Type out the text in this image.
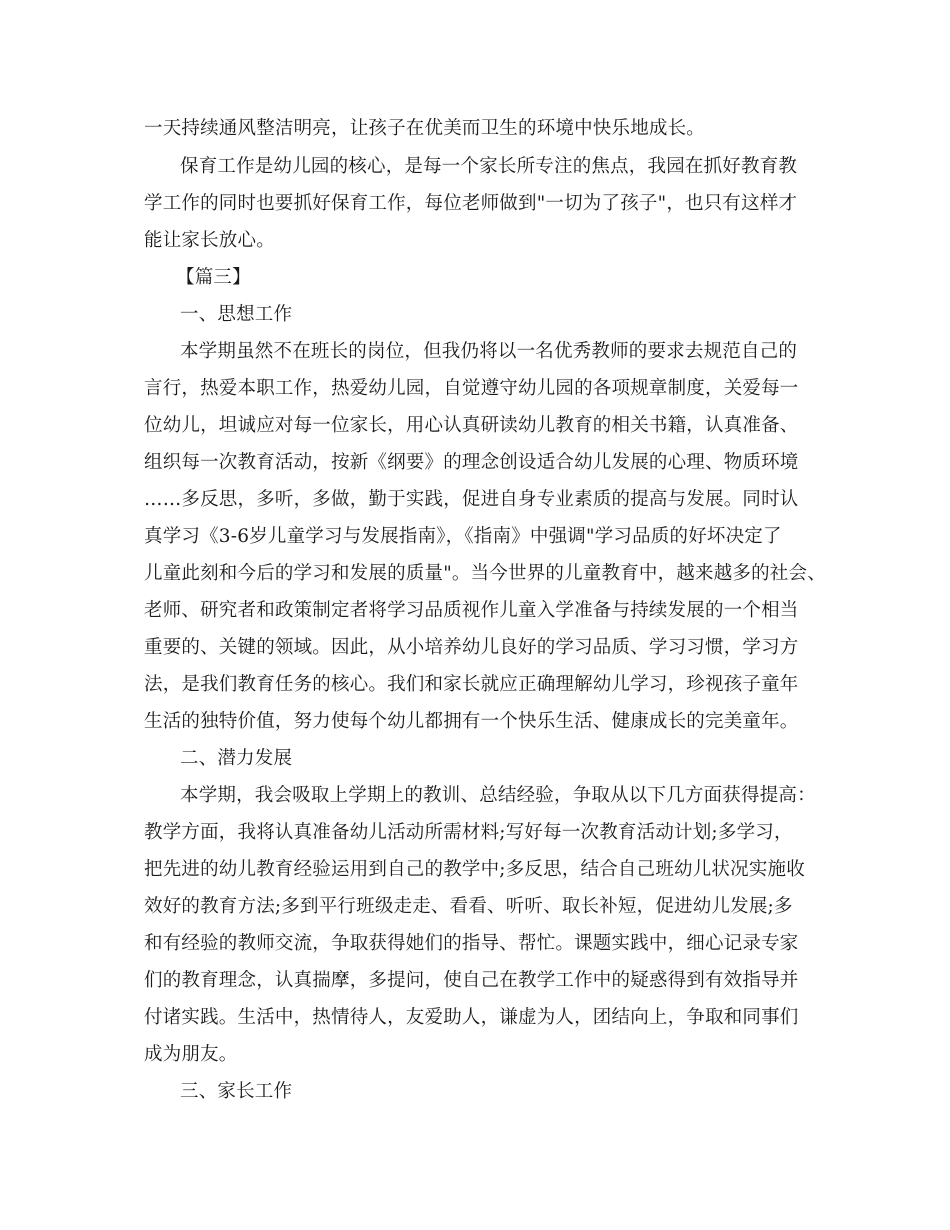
一天持续通风整洁明亮，让孩子在优美而卫生的环境中快乐地成长。

保育工作是幼儿园的核心，是每一个家长所专注的焦点，我园在抓好教育教

学工作的同时也要抓好保育工作，每位老师做到"一切为了孩子"，也只有这样才

能让家长放心。

【篇三】

一、思想工作

本学期虽然不在班长的岗位，但我仍将以一名优秀教师的要求去规范自己的

言行，热爱本职工作，热爱幼儿园，自觉遵守幼儿园的各项规章制度，关爱每一

位幼儿，坦诚应对每一位家长，用心认真研读幼儿教育的相关书籍，认真准备、

组织每一次教育活动，按新《纲要》的理念创设适合幼儿发展的心理、物质环境

……多反思，多听，多做，勤于实践，促进自身专业素质的提高与发展。同时认

真学习《3-6岁儿童学习与发展指南》，《指南》中强调"学习品质的好坏决定了

儿童此刻和今后的学习和发展的质量"。当今世界的儿童教育中，越来越多的社会、

老师、研究者和政策制定者将学习品质视作儿童入学准备与持续发展的一个相当

重要的、关键的领域。因此，从小培养幼儿良好的学习品质、学习习惯，学习方

法，是我们教育任务的核心。我们和家长就应正确理解幼儿学习，珍视孩子童年

生活的独特价值，努力使每个幼儿都拥有一个快乐生活、健康成长的完美童年。

二、潜力发展

本学期，我会吸取上学期上的教训、总结经验，争取从以下几方面获得提高：

教学方面，我将认真准备幼儿活动所需材料;写好每一次教育活动计划;多学习，

把先进的幼儿教育经验运用到自己的教学中;多反思，结合自己班幼儿状况实施收

效好的教育方法;多到平行班级走走、看看、听听、取长补短，促进幼儿发展;多

和有经验的教师交流，争取获得她们的指导、帮忙。课题实践中，细心记录专家

们的教育理念，认真揣摩，多提问，使自己在教学工作中的疑惑得到有效指导并

付诸实践。生活中，热情待人，友爱助人，谦虚为人，团结向上，争取和同事们

成为朋友。

三、家长工作
